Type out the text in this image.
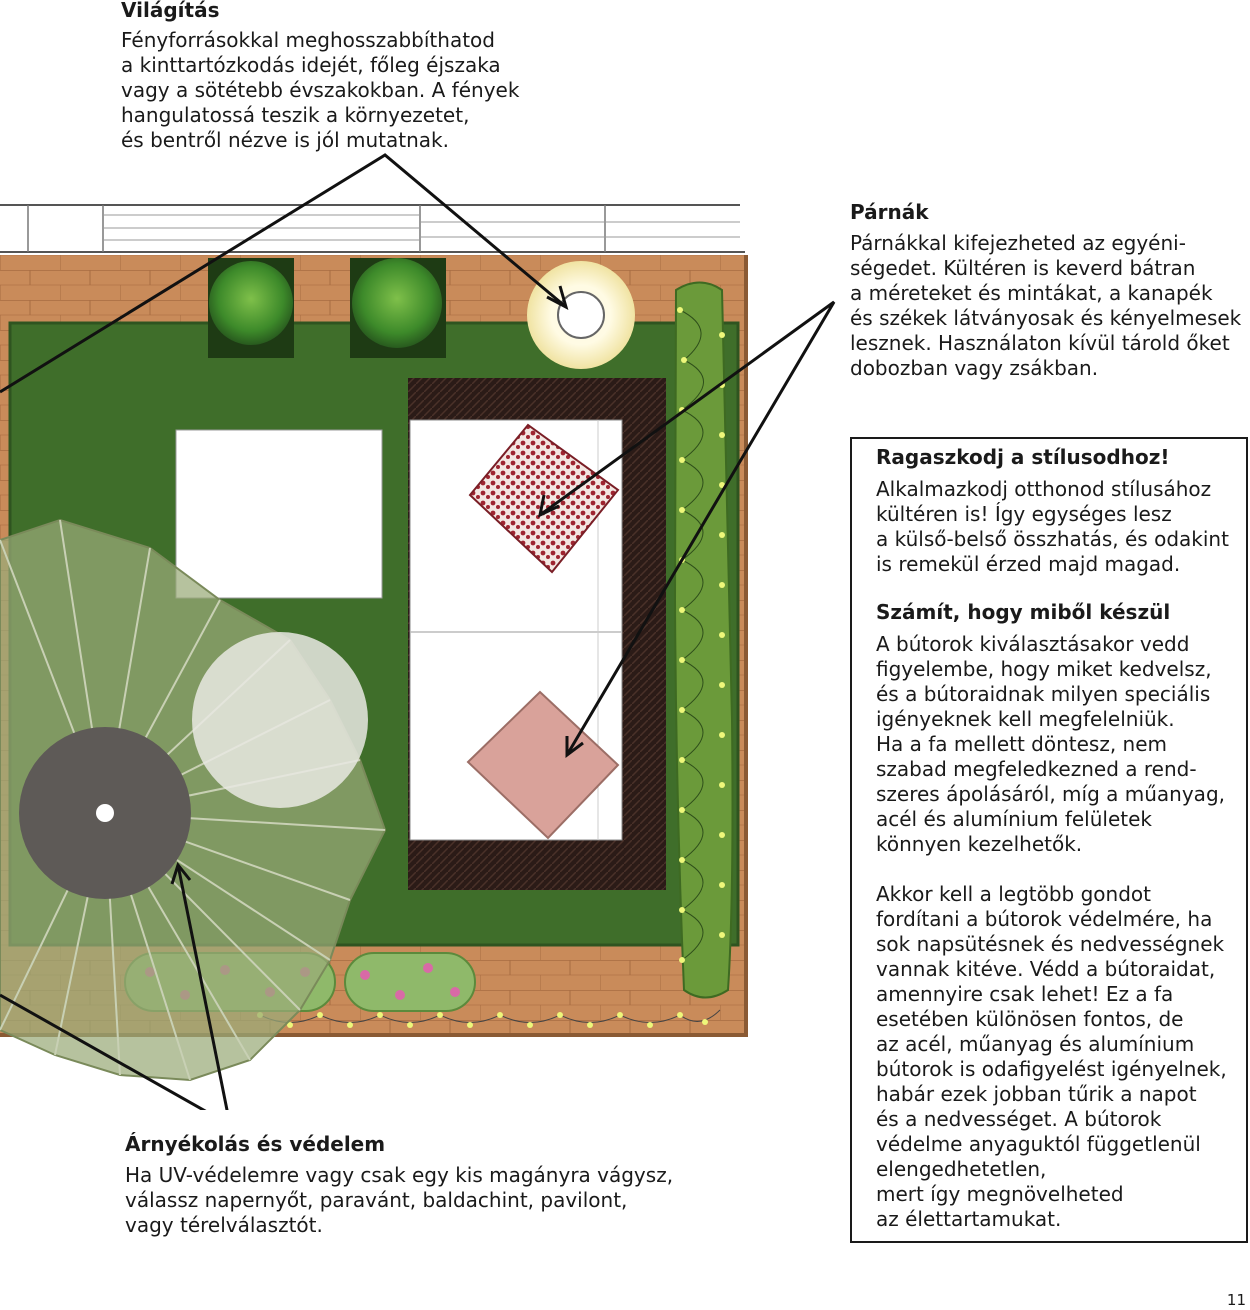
Világítás
Fényforrásokkal meghosszabbíthatod
a kinttartózkodás idejét, főleg éjszaka
vagy a sötétebb évszakokban. A fények
hangulatossá teszik a környezetet,
és bentről nézve is jól mutatnak.
Párnák
Párnákkal kifejezheted az egyéni-
ségedet. Kültéren is keverd bátran
a méreteket és mintákat, a kanapék
és székek látványosak és kényelmesek
lesznek. Használaton kívül tárold őket
dobozban vagy zsákban.
Ragaszkodj a stílusodhoz!
Alkalmazkodj otthonod stílusához
kültéren is! Így egységes lesz
a külső-belső összhatás, és odakint
is remekül érzed majd magad.
Számít, hogy miből készül
A bútorok kiválasztásakor vedd
figyelembe, hogy miket kedvelsz,
és a bútoraidnak milyen speciális
igényeknek kell megfelelniük.
Ha a fa mellett döntesz, nem
szabad megfeledkezned a rend-
szeres ápolásáról, míg a műanyag,
acél és alumínium felületek
könnyen kezelhetők.
Akkor kell a legtöbb gondot
fordítani a bútorok védelmére, ha
sok napsütésnek és nedvességnek
vannak kitéve. Védd a bútoraidat,
amennyire csak lehet! Ez a fa
esetében különösen fontos, de
az acél, műanyag és alumínium
bútorok is odafigyelést igényelnek,
habár ezek jobban tűrik a napot
és a nedvességet. A bútorok
védelme anyaguktól függetlenül
elengedhetetlen,
mert így megnövelheted
az élettartamukat.
Árnyékolás és védelem
Ha UV-védelemre vagy csak egy kis magányra vágysz,
válassz napernyőt, paravánt, baldachint, pavilont,
vagy térelválasztót.
11
